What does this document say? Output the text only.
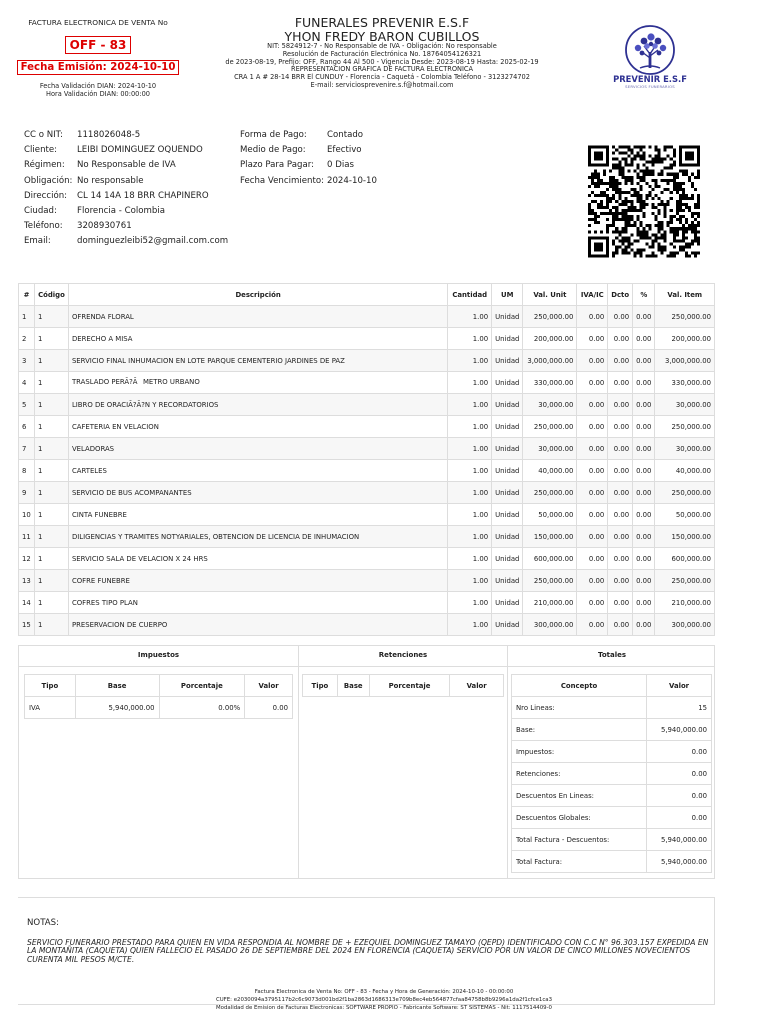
FACTURA ELECTRONICA DE VENTA No
OFF - 83
Fecha Emisión: 2024-10-10
Fecha Validación DIAN: 2024-10-10
Hora Validación DIAN: 00:00:00
FUNERALES PREVENIR E.S.F
YHON FREDY BARON CUBILLOS
NIT: 5824912-7 - No Responsable de IVA - Obligación: No responsable
Resolución de Facturación Electrónica No. 18764054126321
de 2023-08-19, Prefijo: OFF, Rango 44 Al 500 - Vigencia Desde: 2023-08-19 Hasta: 2025-02-19
REPRESENTACION GRAFICA DE FACTURA ELECTRONICA
CRA 1 A # 28-14 BRR El CUNDUY - Florencia - Caquetá - Colombia Teléfono - 3123274702
E-mail: serviciosprevenire.s.f@hotmail.com
PREVENIR E.S.F
SERVICIOS FUNERARIOS
CC o NIT:	1118026048-5
Cliente:	LEIBI DOMINGUEZ OQUENDO
Régimen:	No Responsable de IVA
Obligación: No responsable
Dirección:	CL 14 14A 18 BRR CHAPINERO
Ciudad:	Florencia - Colombia
Teléfono:	3208930761
Email:	dominguezleibi52@gmail.com.com
Forma de Pago:	Contado
Medio de Pago:	Efectivo
Plazo Para Pagar:	0 Dias
Fecha Vencimiento: 2024-10-10
#	Código	Descripción	Cantidad	UM	Val. Unit	IVA/IC	Dcto	%	Val. Item
1	1	OFRENDA FLORAL	1.00	Unidad	250,000.00	0.00	0.00	0.00	250,000.00
2	1	DERECHO A MISA	1.00	Unidad	200,000.00	0.00	0.00	0.00	200,000.00
3	1	SERVICIO FINAL INHUMACION EN LOTE PARQUE CEMENTERIO JARDINES DE PAZ	1.00	Unidad	3,000,000.00	0.00	0.00	0.00	3,000,000.00
4	1	TRASLADO PERÃ?ÃMETRO URBANO	1.00	Unidad	330,000.00	0.00	0.00	0.00	330,000.00
5	1	LIBRO DE ORACIÃ?Ã?N Y RECORDATORIOS	1.00	Unidad	30,000.00	0.00	0.00	0.00	30,000.00
6	1	CAFETERIA EN VELACION	1.00	Unidad	250,000.00	0.00	0.00	0.00	250,000.00
7	1	VELADORAS	1.00	Unidad	30,000.00	0.00	0.00	0.00	30,000.00
8	1	CARTELES	1.00	Unidad	40,000.00	0.00	0.00	0.00	40,000.00
9	1	SERVICIO DE BUS ACOMPANANTES	1.00	Unidad	250,000.00	0.00	0.00	0.00	250,000.00
10	1	CINTA FUNEBRE	1.00	Unidad	50,000.00	0.00	0.00	0.00	50,000.00
11	1	DILIGENCIAS Y TRAMITES NOTYARIALES, OBTENCION DE LICENCIA DE INHUMACION	1.00	Unidad	150,000.00	0.00	0.00	0.00	150,000.00
12	1	SERVICIO SALA DE VELACION X 24 HRS	1.00	Unidad	600,000.00	0.00	0.00	0.00	600,000.00
13	1	COFRE FUNEBRE	1.00	Unidad	250,000.00	0.00	0.00	0.00	250,000.00
14	1	COFRES TIPO PLAN	1.00	Unidad	210,000.00	0.00	0.00	0.00	210,000.00
15	1	PRESERVACION DE CUERPO	1.00	Unidad	300,000.00	0.00	0.00	0.00	300,000.00
Impuestos	Retenciones	Totales
Tipo	Base	Porcentaje	Valor
IVA	5,940,000.00	0.00%	0.00
Tipo	Base	Porcentaje	Valor	Concepto	Valor
Nro Lineas:	15
Base:	5,940,000.00
Impuestos:	0.00
Retenciones:	0.00
Descuentos En Lineas:	0.00
Descuentos Globales:	0.00
Total Factura - Descuentos:	5,940,000.00
Total Factura:	5,940,000.00
NOTAS:
SERVICIO FUNERARIO PRESTADO PARA QUIEN EN VIDA RESPONDIA AL NOMBRE DE + EZEQUIEL DOMINGUEZ TAMAYO (QEPD) IDENTIFICADO CON C.C N° 96.303.157 EXPEDIDA EN LA MONTAÑITA (CAQUETA) QUIEN FALLECIO EL PASADO 26 DE SEPTIEMBRE DEL 2024 EN FLORENCIA (CAQUETA) SERVICIO POR UN VALOR DE CINCO MILLONES NOVECIENTOS CURENTA MIL PESOS M/CTE.
Factura Electronica de Venta No: OFF - 83 - Fecha y Hora de Generación: 2024-10-10 - 00:00:00
CUFE: e2030094a3795117b2c6c9073d001bd2f1ba2863d1686313e709b8ec4eb564877cfaa84758b8b9296a1da2f1cfce1ca3
Modalidad de Emision de Facturas Electronicas: SOFTWARE PROPIO - Fabricante Software: ST SISTEMAS - Nit: 1117514409-0
